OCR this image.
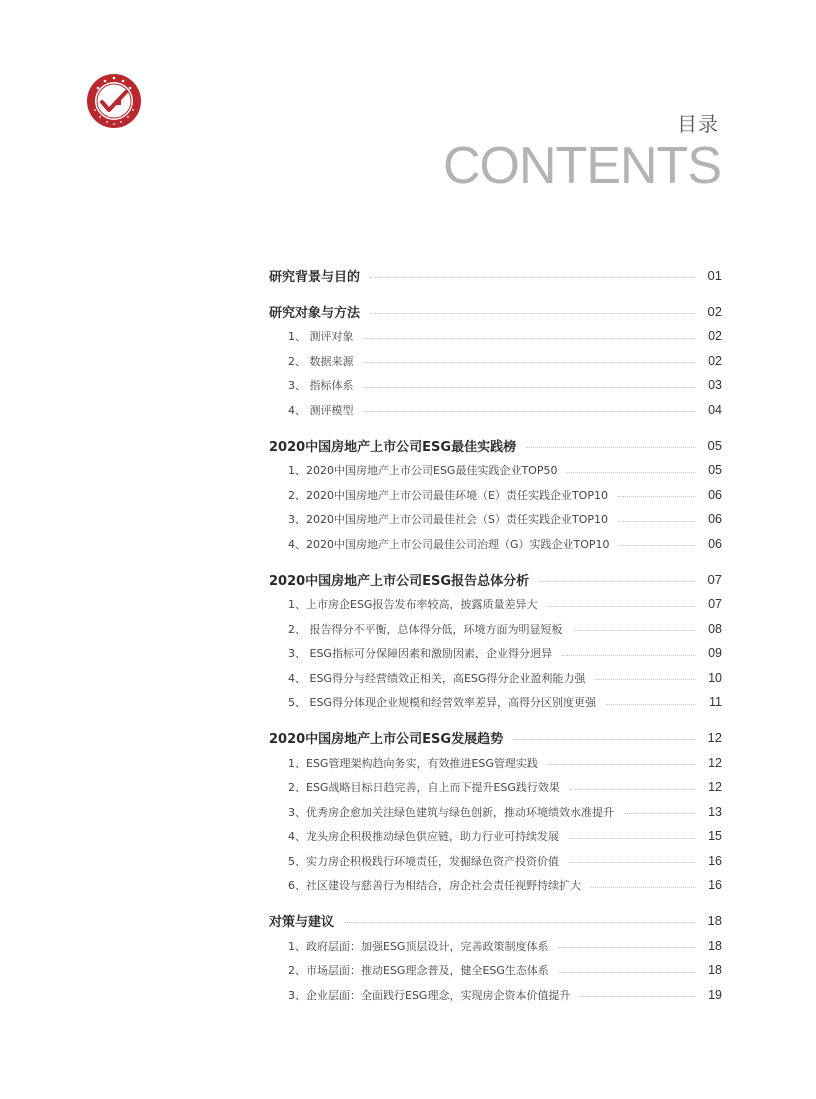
目录
CONTENTS
研究背景与目的	01
研究对象与方法	02
1、 测评对象	02
2、 数据来源	02
3、 指标体系	03
4、 测评模型	04
2020中国房地产上市公司ESG最佳实践榜	05
1、2020中国房地产上市公司ESG最佳实践企业TOP50	05
2、2020中国房地产上市公司最佳环境（E）责任实践企业TOP10	06
3、2020中国房地产上市公司最佳社会（S）责任实践企业TOP10	06
4、2020中国房地产上市公司最佳公司治理（G）实践企业TOP10	06
2020中国房地产上市公司ESG报告总体分析	07
1、上市房企ESG报告发布率较高，披露质量差异大	07
2、 报告得分不平衡，总体得分低，环境方面为明显短板	08
3、 ESG指标可分保障因素和激励因素，企业得分迥异	09
4、 ESG得分与经营绩效正相关，高ESG得分企业盈利能力强	10
5、 ESG得分体现企业规模和经营效率差异，高得分区别度更强	11
2020中国房地产上市公司ESG发展趋势	12
1、ESG管理架构趋向务实，有效推进ESG管理实践	12
2、ESG战略目标日趋完善，自上而下提升ESG践行效果	12
3、优秀房企愈加关注绿色建筑与绿色创新，推动环境绩效水准提升	13
4、龙头房企积极推动绿色供应链，助力行业可持续发展	15
5、实力房企积极践行环境责任，发掘绿色资产投资价值	16
6、社区建设与慈善行为相结合，房企社会责任视野持续扩大	16
对策与建议	18
1、政府层面：加强ESG顶层设计，完善政策制度体系	18
2、市场层面：推动ESG理念普及，健全ESG生态体系	18
3、企业层面：全面践行ESG理念，实现房企资本价值提升	19
